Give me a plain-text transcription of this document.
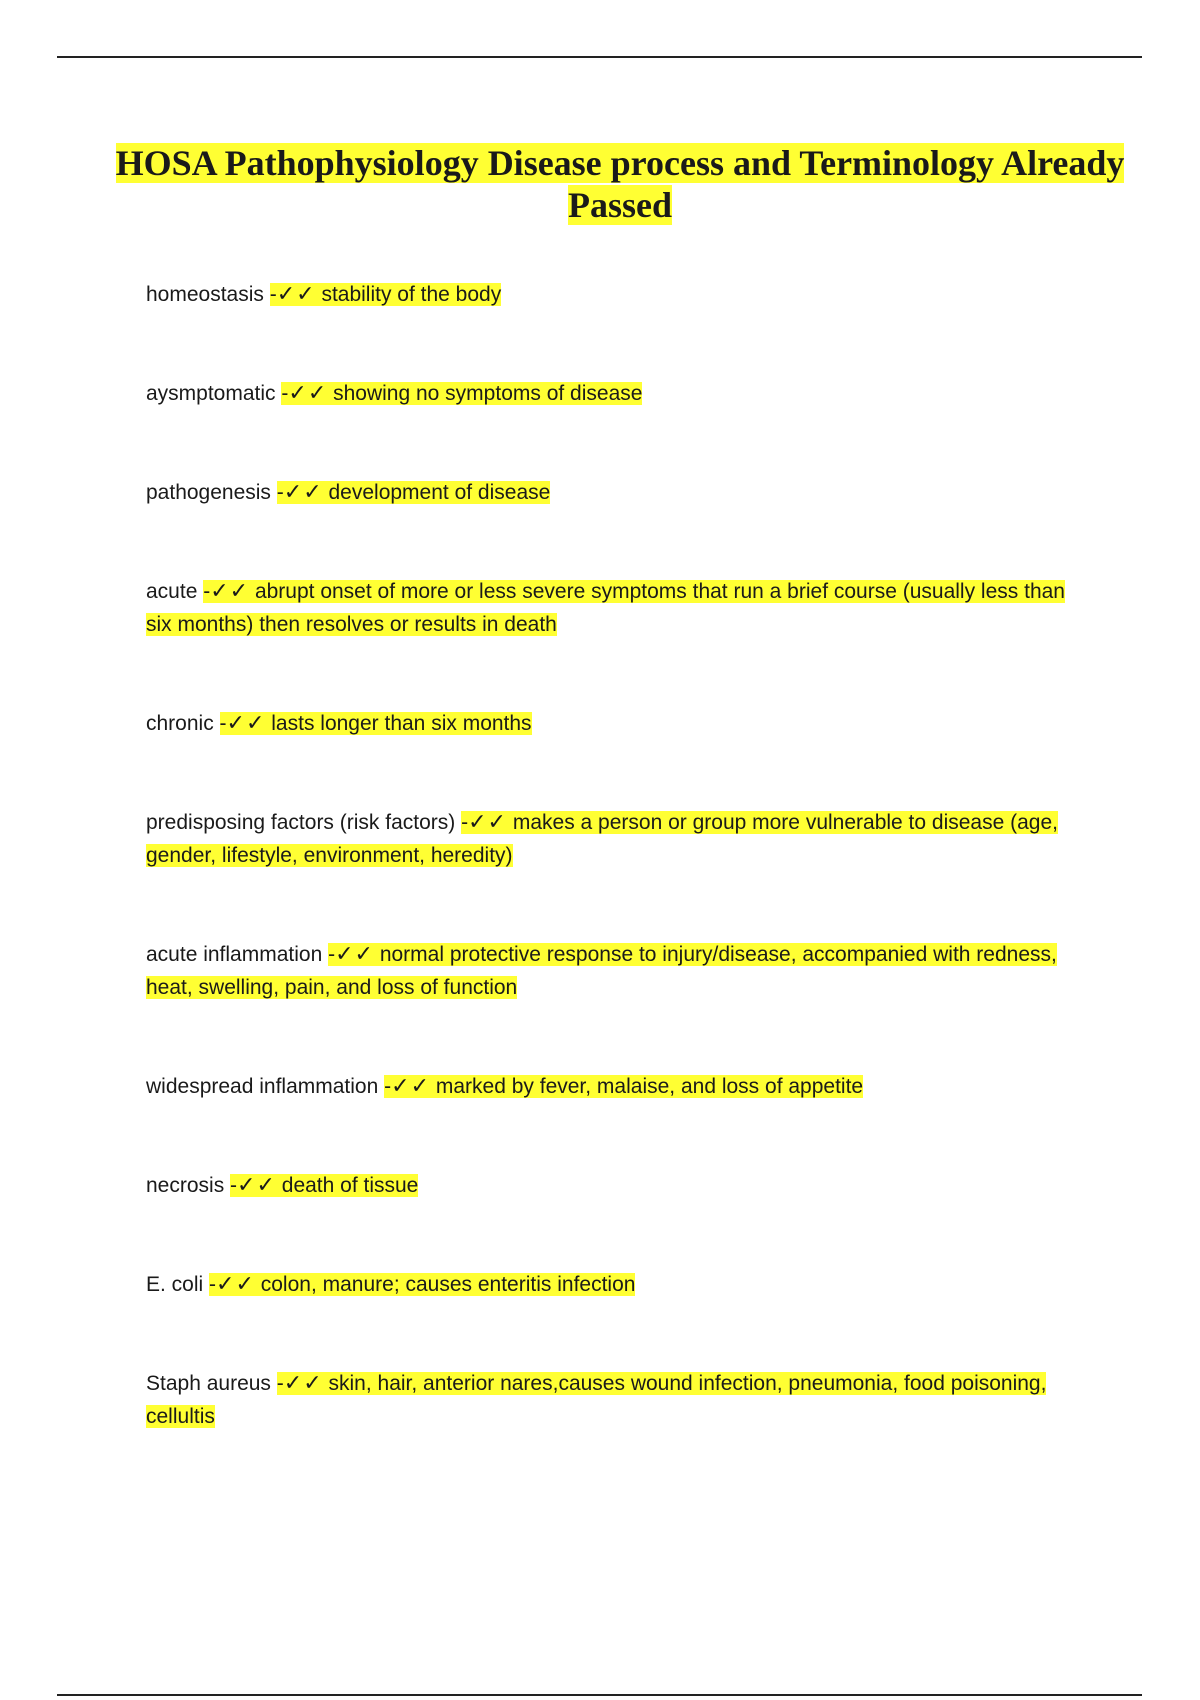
HOSA Pathophysiology Disease process and Terminology Already Passed
homeostasis -✓✓ stability of the body
aysmptomatic -✓✓ showing no symptoms of disease
pathogenesis -✓✓ development of disease
acute -✓✓ abrupt onset of more or less severe symptoms that run a brief course (usually less than six months) then resolves or results in death
chronic -✓✓ lasts longer than six months
predisposing factors (risk factors) -✓✓ makes a person or group more vulnerable to disease (age, gender, lifestyle, environment, heredity)
acute inflammation -✓✓ normal protective response to injury/disease, accompanied with redness, heat, swelling, pain, and loss of function
widespread inflammation -✓✓ marked by fever, malaise, and loss of appetite
necrosis -✓✓ death of tissue
E. coli -✓✓ colon, manure; causes enteritis infection
Staph aureus -✓✓ skin, hair, anterior nares,causes wound infection, pneumonia, food poisoning, cellultis
